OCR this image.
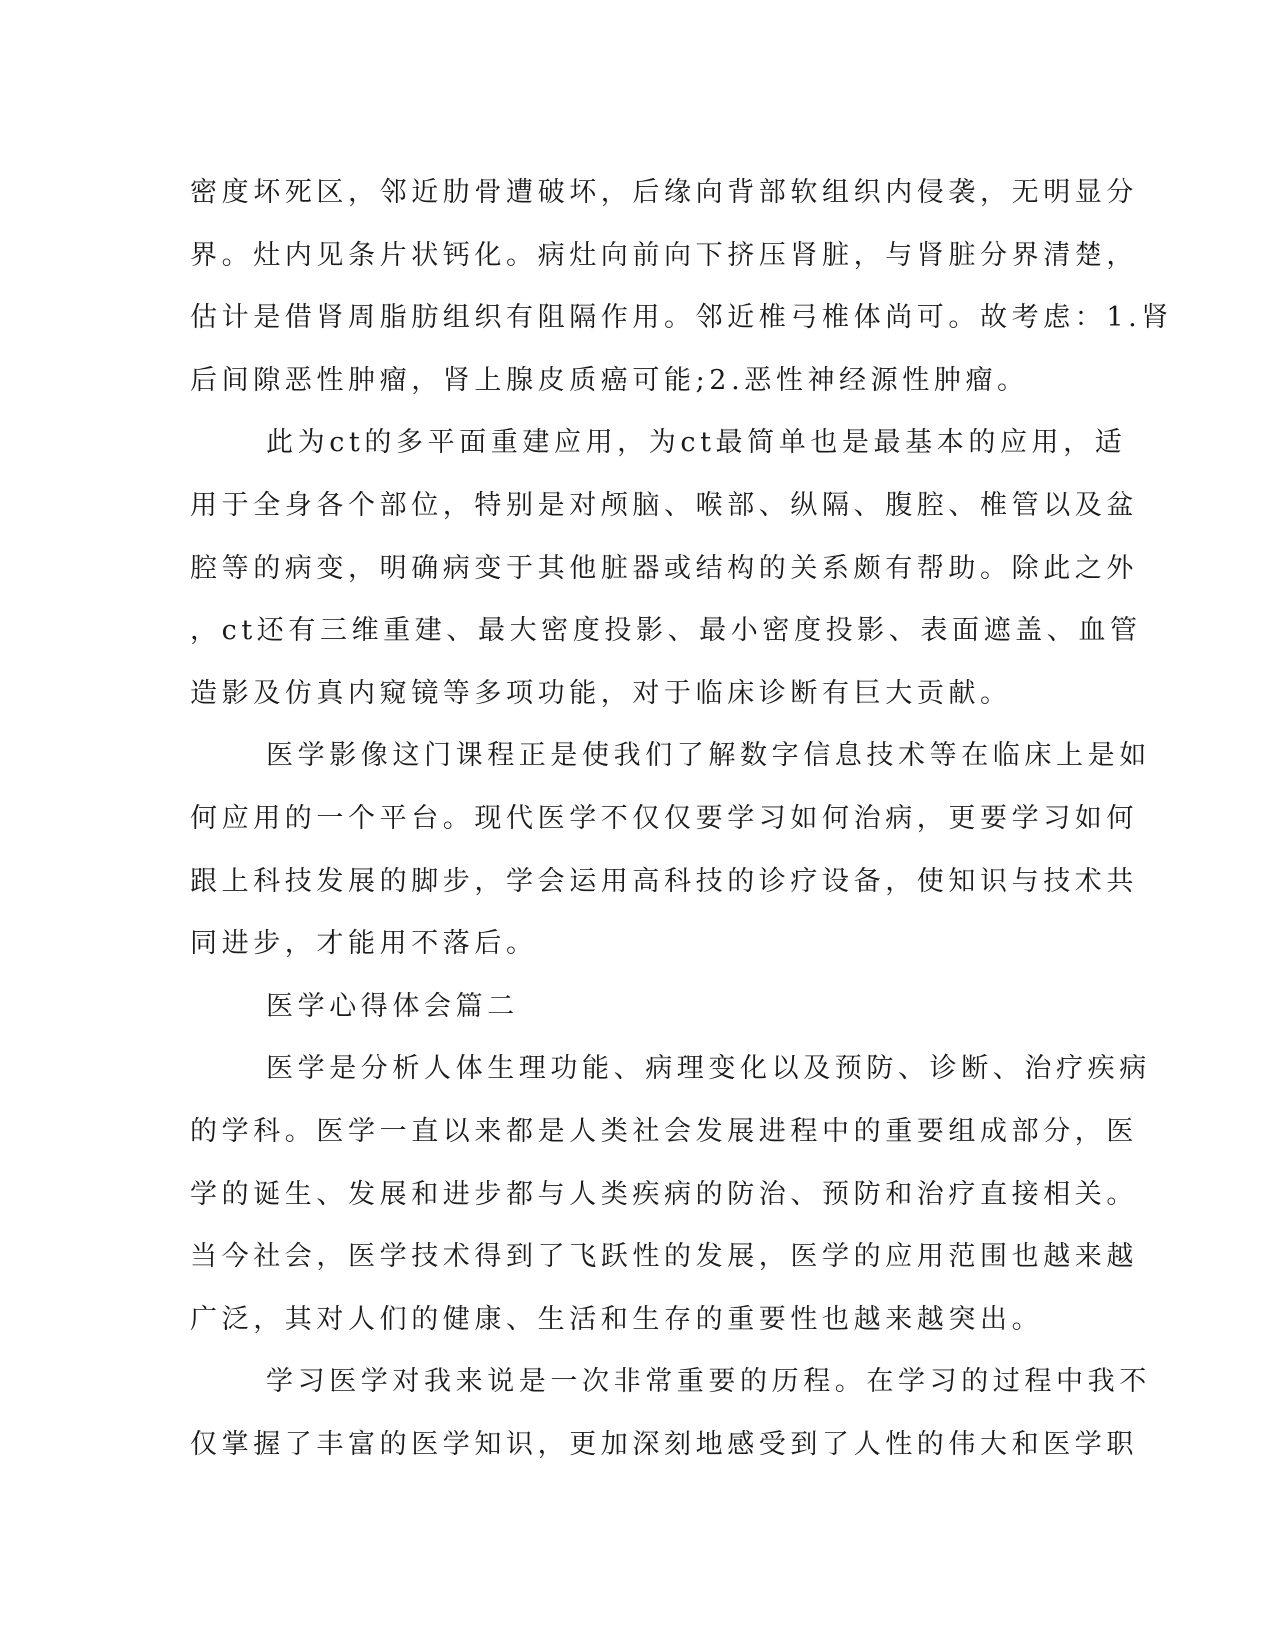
密度坏死区，邻近肋骨遭破坏，后缘向背部软组织内侵袭，无明显分
界。灶内见条片状钙化。病灶向前向下挤压肾脏，与肾脏分界清楚，
估计是借肾周脂肪组织有阻隔作用。邻近椎弓椎体尚可。故考虑：1.肾
后间隙恶性肿瘤，肾上腺皮质癌可能;2.恶性神经源性肿瘤。
此为ct的多平面重建应用，为ct最简单也是最基本的应用，适
用于全身各个部位，特别是对颅脑、喉部、纵隔、腹腔、椎管以及盆
腔等的病变，明确病变于其他脏器或结构的关系颇有帮助。除此之外
，ct还有三维重建、最大密度投影、最小密度投影、表面遮盖、血管
造影及仿真内窥镜等多项功能，对于临床诊断有巨大贡献。
医学影像这门课程正是使我们了解数字信息技术等在临床上是如
何应用的一个平台。现代医学不仅仅要学习如何治病，更要学习如何
跟上科技发展的脚步，学会运用高科技的诊疗设备，使知识与技术共
同进步，才能用不落后。
医学心得体会篇二
医学是分析人体生理功能、病理变化以及预防、诊断、治疗疾病
的学科。医学一直以来都是人类社会发展进程中的重要组成部分，医
学的诞生、发展和进步都与人类疾病的防治、预防和治疗直接相关。
当今社会，医学技术得到了飞跃性的发展，医学的应用范围也越来越
广泛，其对人们的健康、生活和生存的重要性也越来越突出。
学习医学对我来说是一次非常重要的历程。在学习的过程中我不
仅掌握了丰富的医学知识，更加深刻地感受到了人性的伟大和医学职
